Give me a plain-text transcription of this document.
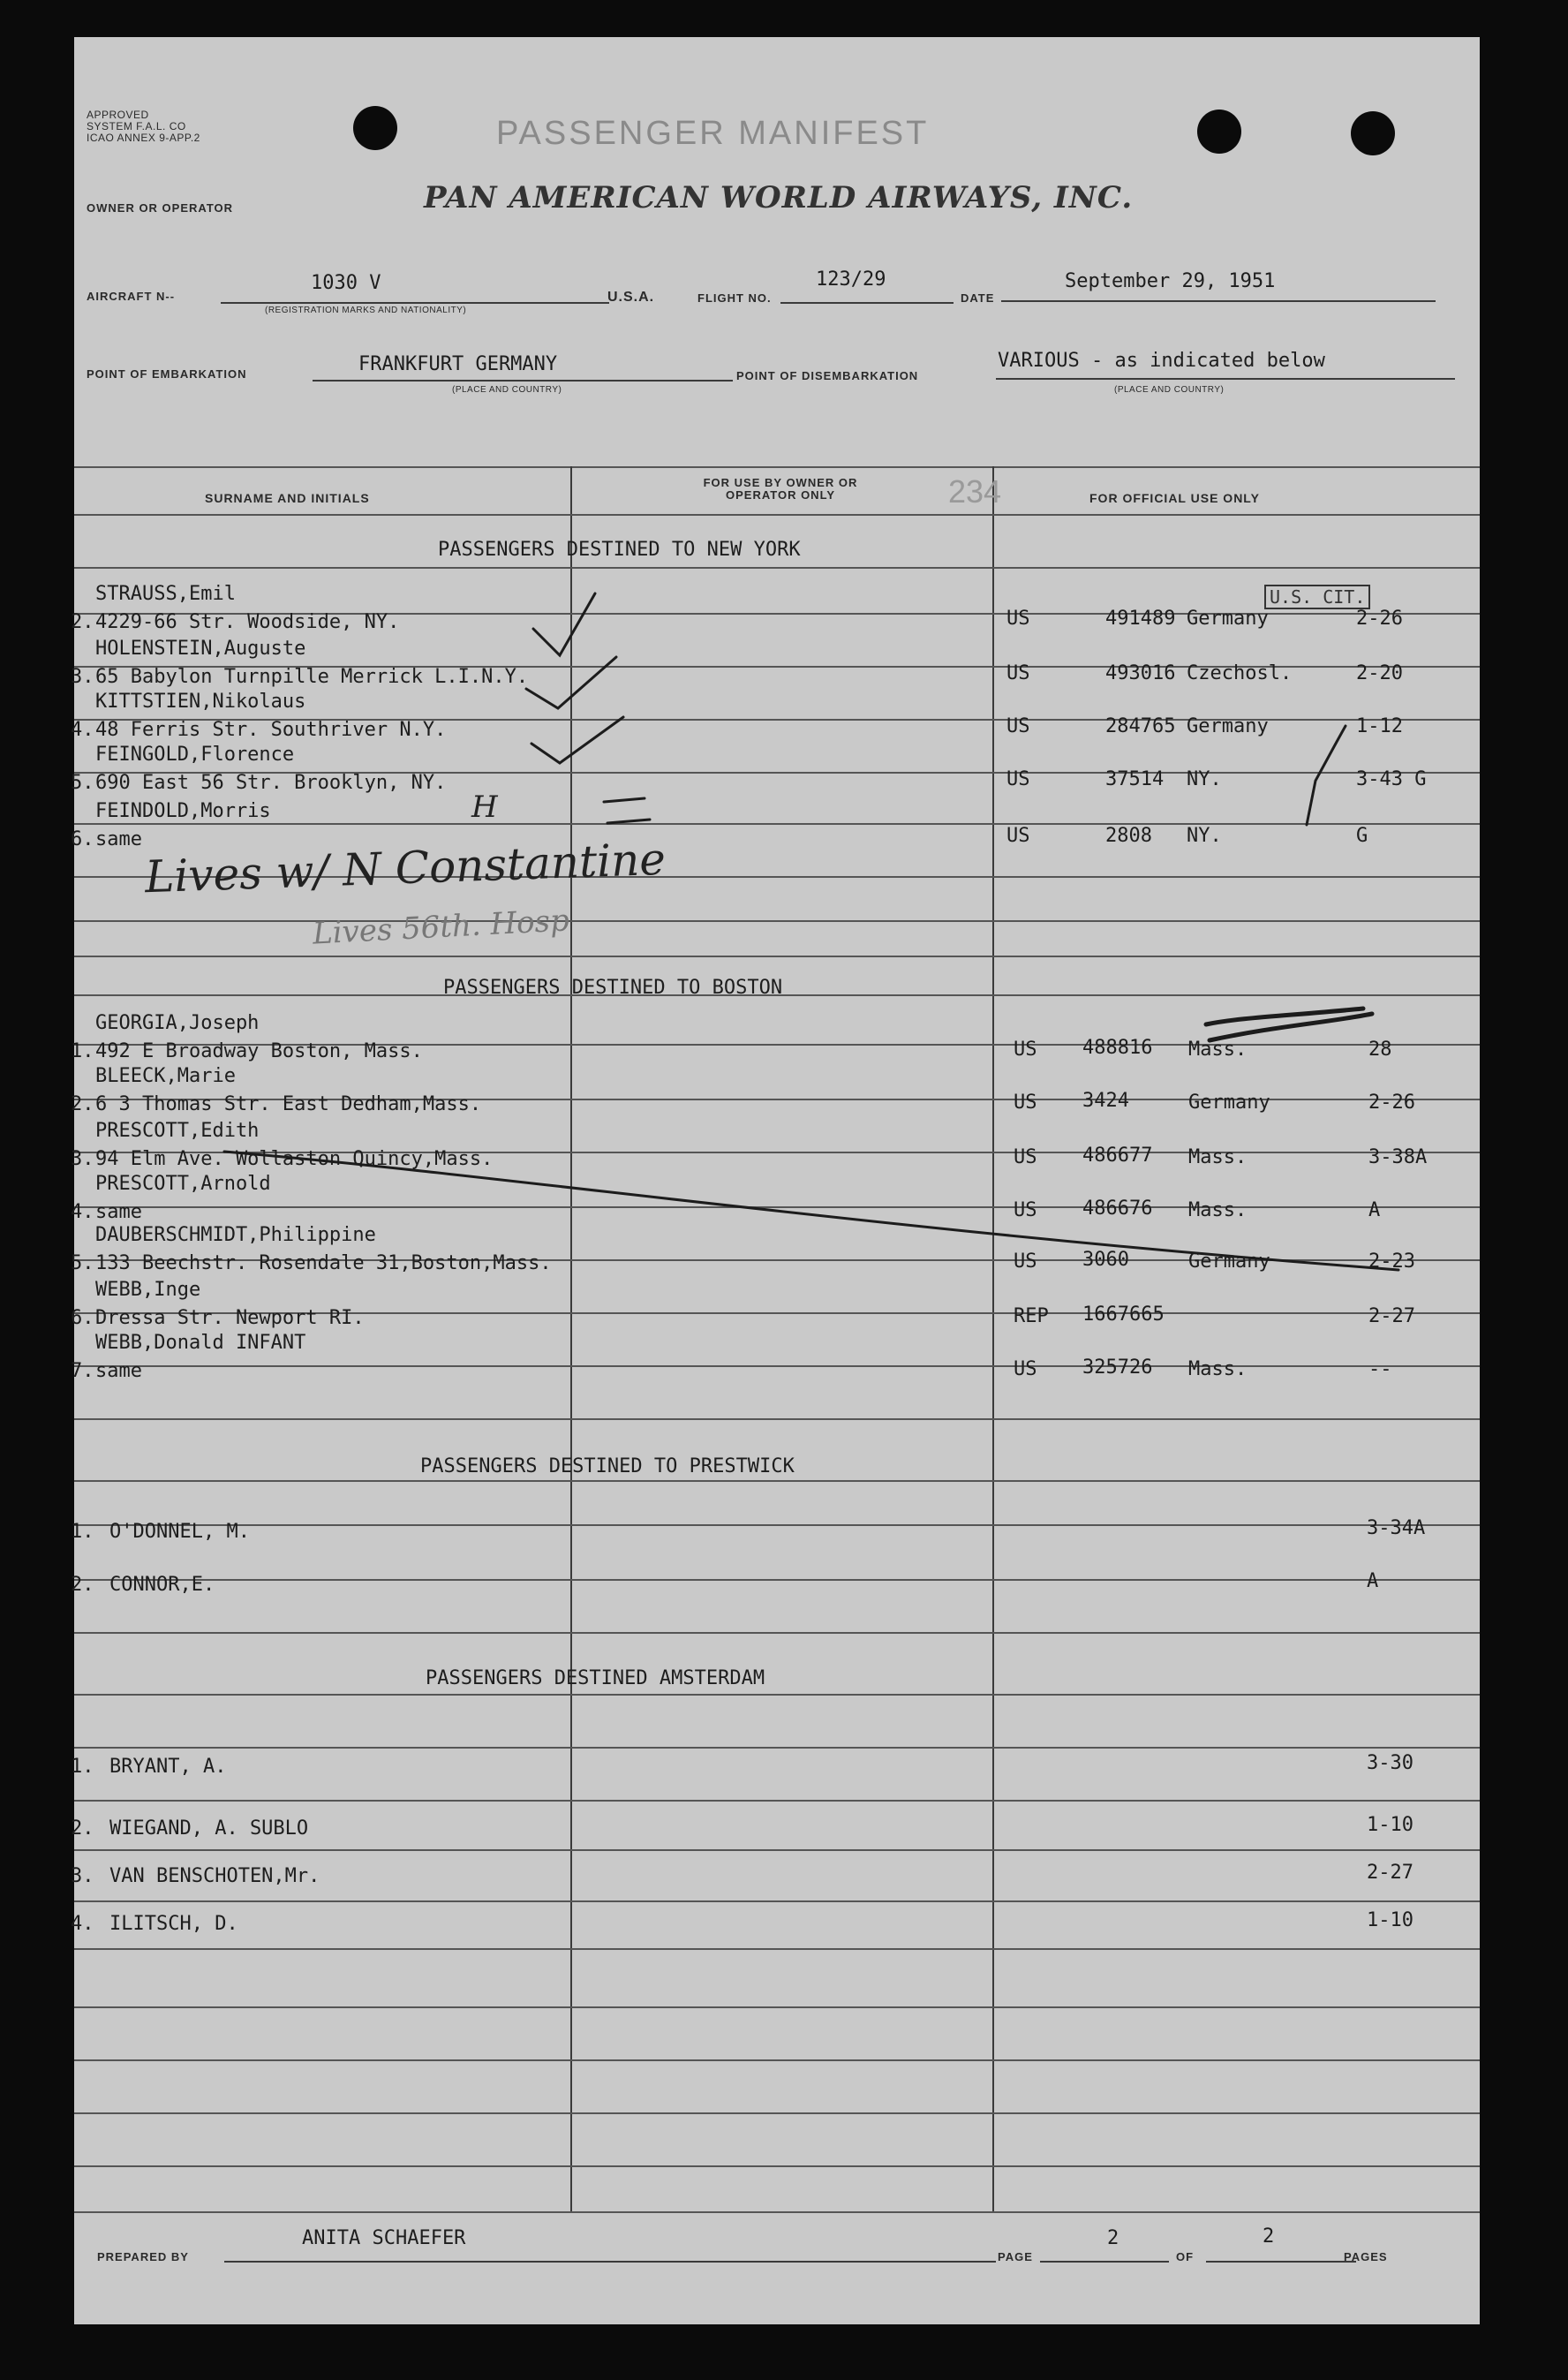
APPROVED
SYSTEM F.A.L. CO
ICAO ANNEX 9-APP.2	PASSENGER MANIFEST
OWNER OR OPERATOR	PAN AMERICAN WORLD AIRWAYS, INC.
AIRCRAFT N--
1030 V
(REGISTRATION MARKS AND NATIONALITY)
U.S.A.	FLIGHT NO.
123/29
DATE
September 29, 1951
POINT OF EMBARKATION	FRANKFURT GERMANY
(PLACE AND COUNTRY)
POINT OF DISEMBARKATION
VARIOUS - as indicated below
(PLACE AND COUNTRY)
SURNAME AND INITIALS
FOR USE BY OWNER OR OPERATOR ONLY	234	FOR OFFICIAL USE ONLY
PASSENGERS DESTINED TO NEW YORK
PASSENGERS DESTINED TO BOSTON
PASSENGERS DESTINED TO PRESTWICK
PASSENGERS DESTINED AMSTERDAM
STRAUSS,Emil
2. 4229-66 Str. Woodside, NY.	US	491489 Germany	2-26
HOLENSTEIN,Auguste
3. 65 Babylon Turnpille Merrick L.I.N.Y.	US	493016 Czechosl.	2-20
KITTSTIEN,Nikolaus
4. 48 Ferris Str. Southriver N.Y.	US	284765 Germany	1-12
FEINGOLD,Florence
5. 690 East 56 Str. Brooklyn, NY.	US	37514 NY.	3-43 G
FEINDOLD,Morris
6. same	US	2808 NY.	G
GEORGIA,Joseph
1. 492 E Broadway Boston, Mass.	US 488816 Mass.	28
BLEECK,Marie
2. 6 3 Thomas Str. East Dedham,Mass.	US 3424	Germany	2-26
PRESCOTT,Edith
3. 94 Elm Ave. Wollaston Quincy,Mass.	US 486677 Mass.	3-38A
PRESCOTT,Arnold
4. same	US 486676 Mass.	A
DAUBERSCHMIDT,Philippine
5. 133 Beechstr. Rosendale 31,Boston,Mass.	US 3060	Germany	2-23
WEBB,Inge
6. Dressa Str. Newport RI.	REP 1667665	2-27
WEBB,Donald INFANT
7. same	US 325726 Mass.	--
1. O'DONNEL, M.	3-34A
2. CONNOR,E.	A
1. BRYANT, A.	3-30
2. WIEGAND, A. SUBLO	1-10
3. VAN BENSCHOTEN,Mr.	2-27
4. ILITSCH, D.	1-10
Lives w/ N Constantine
Lives 56th. Hosp
H
U.S. CIT.
PREPARED BY
ANITA SCHAEFER
PAGE
2
OF
2
PAGES
